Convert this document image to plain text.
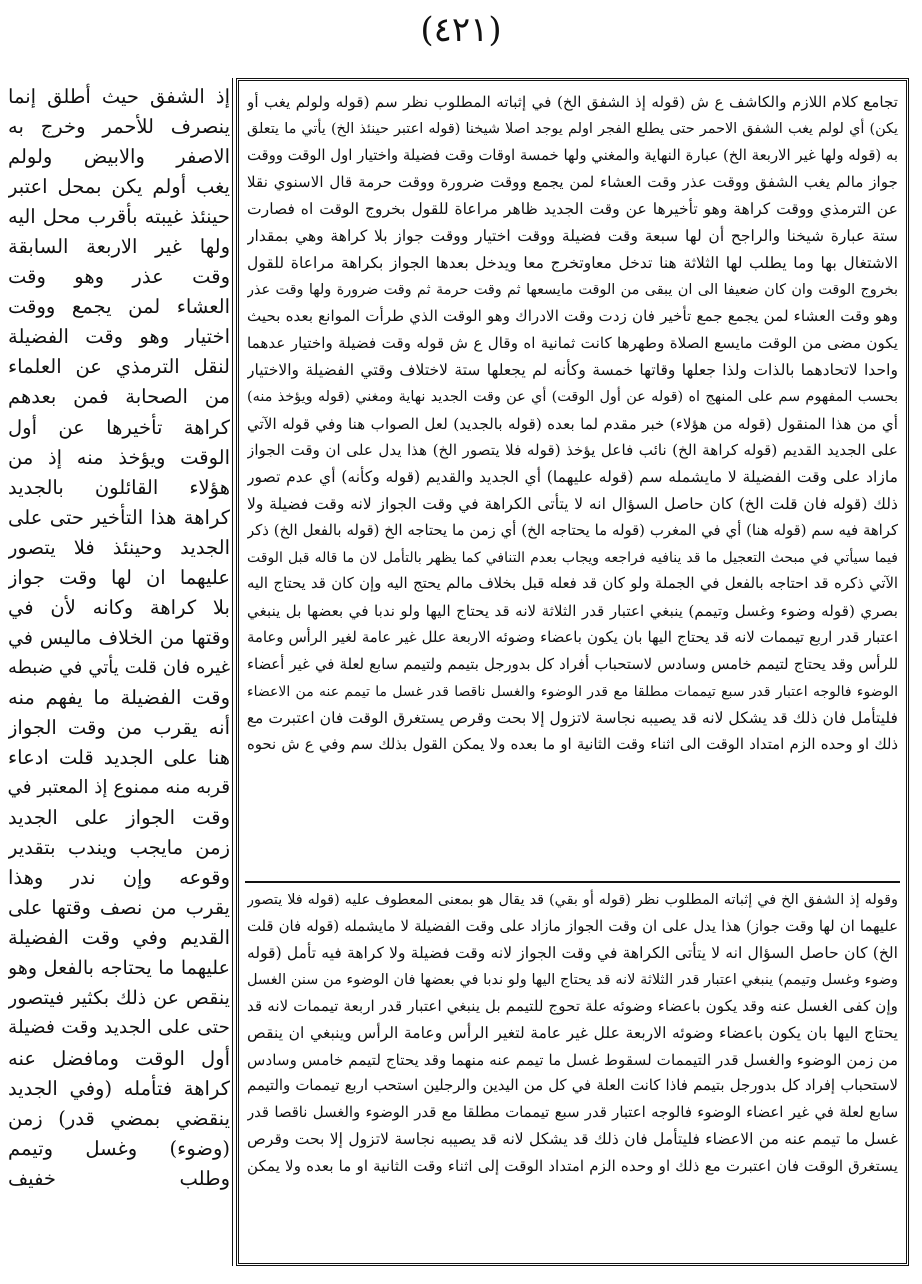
(٤٢١)
إذ الشفق حيث أطلق إنما
ينصرف للأحمر وخرج به
الاصفر والابيض ولولم
يغب أولم يكن بمحل اعتبر
حينئذ غيبته بأقرب محل اليه
ولها غير الاربعة السابقة
وقت عذر وهو وقت
العشاء لمن يجمع ووقت
اختيار وهو وقت الفضيلة
لنقل الترمذي عن العلماء
من الصحابة فمن بعدهم
كراهة تأخيرها عن أول
الوقت ويؤخذ منه إذ من
هؤلاء القائلون بالجديد
كراهة هذا التأخير حتى على
الجديد وحينئذ فلا يتصور
عليهما ان لها وقت جواز
بلا كراهة وكانه لأن في
وقتها من الخلاف ماليس في
غيره فان قلت يأتي في ضبطه
وقت الفضيلة ما يفهم منه
أنه يقرب من وقت الجواز
هنا على الجديد قلت ادعاء
قربه منه ممنوع إذ المعتبر في
وقت الجواز على الجديد
زمن مايجب ويندب بتقدير
وقوعه وإن ندر وهذا
يقرب من نصف وقتها على
القديم وفي وقت الفضيلة
عليهما ما يحتاجه بالفعل وهو
ينقص عن ذلك بكثير فيتصور
حتى على الجديد وقت فضيلة
أول الوقت ومافضل عنه
كراهة فتأمله (وفي الجديد
ينقضي بمضي قدر) زمن
(وضوء) وغسل وتيمم
وطلب خفيف
تجامع كلام اللازم والكاشف ع ش (قوله إذ الشفق الخ) في إثباته المطلوب نظر سم (قوله ولولم يغب أو
يكن) أي لولم يغب الشفق الاحمر حتى يطلع الفجر اولم يوجد اصلا شيخنا (قوله اعتبر حينئذ الخ) يأتي ما يتعلق
به (قوله ولها غير الاربعة الخ) عبارة النهاية والمغني ولها خمسة اوقات وقت فضيلة واختيار اول الوقت ووقت
جواز مالم يغب الشفق ووقت عذر وقت العشاء لمن يجمع ووقت ضرورة ووقت حرمة قال الاسنوي نقلا
عن الترمذي ووقت كراهة وهو تأخيرها عن وقت الجديد ظاهر مراعاة للقول بخروج الوقت اه فصارت
ستة عبارة شيخنا والراجح أن لها سبعة وقت فضيلة ووقت اختيار ووقت جواز بلا كراهة وهي بمقدار
الاشتغال بها وما يطلب لها الثلاثة هنا تدخل معاوتخرج معا ويدخل بعدها الجواز بكراهة مراعاة للقول
بخروج الوقت وان كان ضعيفا الى ان يبقى من الوقت مايسعها ثم وقت حرمة ثم وقت ضرورة ولها وقت عذر
وهو وقت العشاء لمن يجمع جمع تأخير فان زدت وقت الادراك وهو الوقت الذي طرأت الموانع بعده بحيث
يكون مضى من الوقت مايسع الصلاة وطهرها كانت ثمانية اه وقال ع ش قوله وقت فضيلة واختيار عدهما
واحدا لاتحادهما بالذات ولذا جعلها وقاتها خمسة وكأنه لم يجعلها ستة لاختلاف وقتي الفضيلة والاختيار
بحسب المفهوم سم على المنهج اه (قوله عن أول الوقت) أي عن وقت الجديد نهاية ومغني (قوله ويؤخذ منه)
أي من هذا المنقول (قوله من هؤلاء) خبر مقدم لما بعده (قوله بالجديد) لعل الصواب هنا وفي قوله الآتي
على الجديد القديم (قوله كراهة الخ) نائب فاعل يؤخذ (قوله فلا يتصور الخ) هذا يدل على ان وقت الجواز
مازاد على وقت الفضيلة لا مايشمله سم (قوله عليهما) أي الجديد والقديم (قوله وكأنه) أي عدم تصور
ذلك (قوله فان قلت الخ) كان حاصل السؤال انه لا يتأتى الكراهة في وقت الجواز لانه وقت فضيلة ولا
كراهة فيه سم (قوله هنا) أي في المغرب (قوله ما يحتاجه الخ) أي زمن ما يحتاجه الخ (قوله بالفعل الخ) ذكر
فيما سيأتي في مبحث التعجيل ما قد ينافيه فراجعه ويجاب بعدم التنافي كما يظهر بالتأمل لان ما قاله قبل الوقت
الآتي ذكره قد احتاجه بالفعل في الجملة ولو كان قد فعله قبل بخلاف مالم يحتج اليه وإن كان قد يحتاج اليه
بصري (قوله وضوء وغسل وتيمم) ينبغي اعتبار قدر الثلاثة لانه قد يحتاج اليها ولو ندبا في بعضها بل ينبغي
اعتبار قدر اربع تيممات لانه قد يحتاج اليها بان يكون باعضاء وضوئه الاربعة علل غير عامة لغير الرأس وعامة
للرأس وقد يحتاج لتيمم خامس وسادس لاستحباب أفراد كل بدورجل بتيمم ولتيمم سابع لعلة في غير أعضاء
الوضوء فالوجه اعتبار قدر سبع تيممات مطلقا مع قدر الوضوء والغسل ناقصا قدر غسل ما تيمم عنه من الاعضاء
فليتأمل فان ذلك قد يشكل لانه قد يصيبه نجاسة لاتزول إلا بحت وقرص يستغرق الوقت فان اعتبرت مع
ذلك او وحده الزم امتداد الوقت الى اثناء وقت الثانية او ما بعده ولا يمكن القول بذلك سم وفي ع ش نحوه
وقوله إذ الشفق الخ في إثباته المطلوب نظر (قوله أو بقي) قد يقال هو بمعنى المعطوف عليه (قوله فلا يتصور
عليهما ان لها وقت جواز) هذا يدل على ان وقت الجواز مازاد على وقت الفضيلة لا مايشمله (قوله فان قلت
الخ) كان حاصل السؤال انه لا يتأتى الكراهة في وقت الجواز لانه وقت فضيلة ولا كراهة فيه تأمل (قوله
وضوء وغسل وتيمم) ينبغي اعتبار قدر الثلاثة لانه قد يحتاج اليها ولو ندبا في بعضها فان الوضوء من سنن الغسل
وإن كفى الغسل عنه وقد يكون باعضاء وضوئه علة تحوج للتيمم بل ينبغي اعتبار قدر اربعة تيممات لانه قد
يحتاج اليها بان يكون باعضاء وضوئه الاربعة علل غير عامة لتغير الرأس وعامة الرأس وينبغي ان ينقص
من زمن الوضوء والغسل قدر التيممات لسقوط غسل ما تيمم عنه منهما وقد يحتاج لتيمم خامس وسادس
لاستحباب إفراد كل بدورجل بتيمم فاذا كانت العلة في كل من اليدين والرجلين استحب اربع تيممات والتيمم
سابع لعلة في غير اعضاء الوضوء فالوجه اعتبار قدر سبع تيممات مطلقا مع قدر الوضوء والغسل ناقصا قدر
غسل ما تيمم عنه من الاعضاء فليتأمل فان ذلك قد يشكل لانه قد يصيبه نجاسة لاتزول إلا بحت وقرص
يستغرق الوقت فان اعتبرت مع ذلك او وحده الزم امتداد الوقت إلى اثناء وقت الثانية او ما بعده ولا يمكن
